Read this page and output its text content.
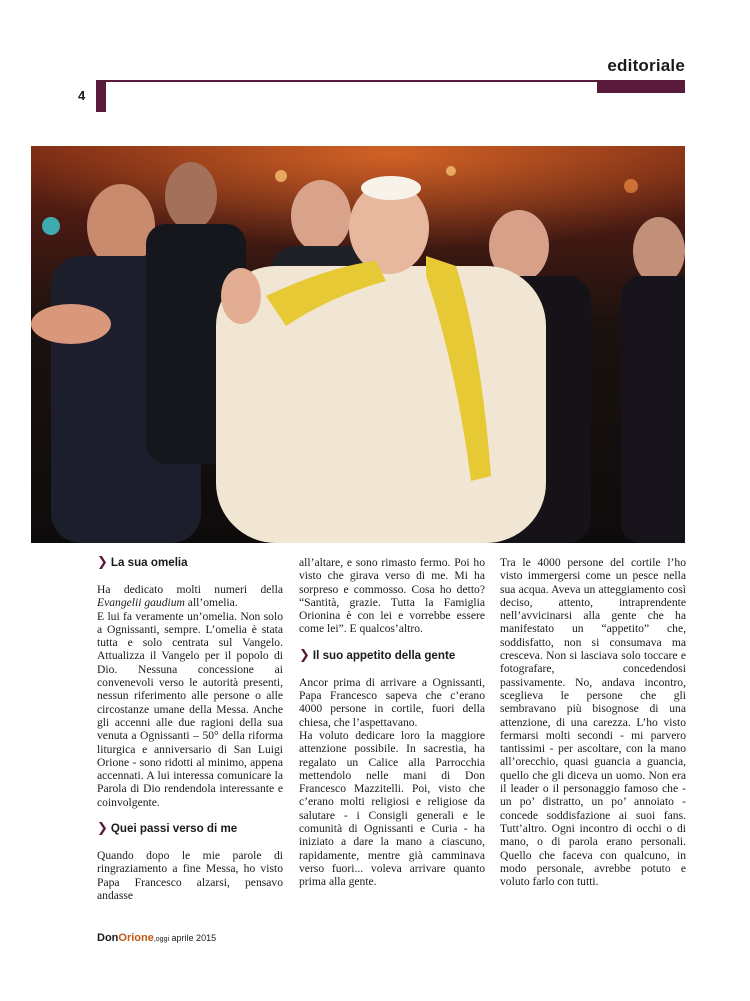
editoriale
4
❯ La sua omelia

Ha dedicato molti numeri della Evangelii gaudium all’omelia.

E lui fa veramente un’omelia. Non solo a Ognissanti, sempre. L’omelia è stata tutta e solo centrata sul Vangelo. Attualizza il Vangelo per il popolo di Dio. Nessuna concessione ai convenevoli verso le autorità presenti, nessun riferimento alle persone o alle circostanze umane della Messa. Anche gli accenni alle due ragioni della sua venuta a Ognissanti – 50° della riforma liturgica e anniversario di San Luigi Orione - sono ridotti al minimo, appena accennati. A lui interessa comunicare la Parola di Dio rendendola interessante e coinvolgente.

❯ Quei passi verso di me

Quando dopo le mie parole di ringraziamento a fine Messa, ho visto Papa Francesco alzarsi, pensavo andasse

all’altare, e sono rimasto fermo. Poi ho visto che girava verso di me. Mi ha sorpreso e commosso. Cosa ho detto? “Santità, grazie. Tutta la Famiglia Orionina è con lei e vorrebbe essere come lei”. E qualcos’altro.

❯ Il suo appetito della gente

Ancor prima di arrivare a Ognissanti, Papa Francesco sapeva che c’erano 4000 persone in cortile, fuori della chiesa, che l’aspettavano.

Ha voluto dedicare loro la maggiore attenzione possibile. In sacrestia, ha regalato un Calice alla Parrocchia mettendolo nelle mani di Don Francesco Mazzitelli. Poi, visto che c’erano molti religiosi e religiose da salutare - i Consigli generali e le comunità di Ognissanti e Curia - ha iniziato a dare la mano a ciascuno, rapidamente, mentre già camminava verso fuori... voleva arrivare quanto prima alla gente.

Tra le 4000 persone del cortile l’ho visto immergersi come un pesce nella sua acqua. Aveva un atteggiamento così deciso, attento, intraprendente nell’avvicinarsi alla gente che ha manifestato un “appetito” che, soddisfatto, non si consumava ma cresceva. Non si lasciava solo toccare e fotografare, concedendosi passivamente. No, andava incontro, sceglieva le persone che gli sembravano più bisognose di una attenzione, di una carezza. L’ho visto fermarsi molti secondi - mi parvero tantissimi - per ascoltare, con la mano all’orecchio, quasi guancia a guancia, quello che gli diceva un uomo. Non era il leader o il personaggio famoso che - un po’ distratto, un po’ annoiato - concede soddisfazione ai suoi fans. Tutt’altro. Ogni incontro di occhi o di mano, o di parola erano personali. Quello che faceva con qualcuno, in modo personale, avrebbe potuto e voluto farlo con tutti.

DonOrione,oggi aprile 2015
